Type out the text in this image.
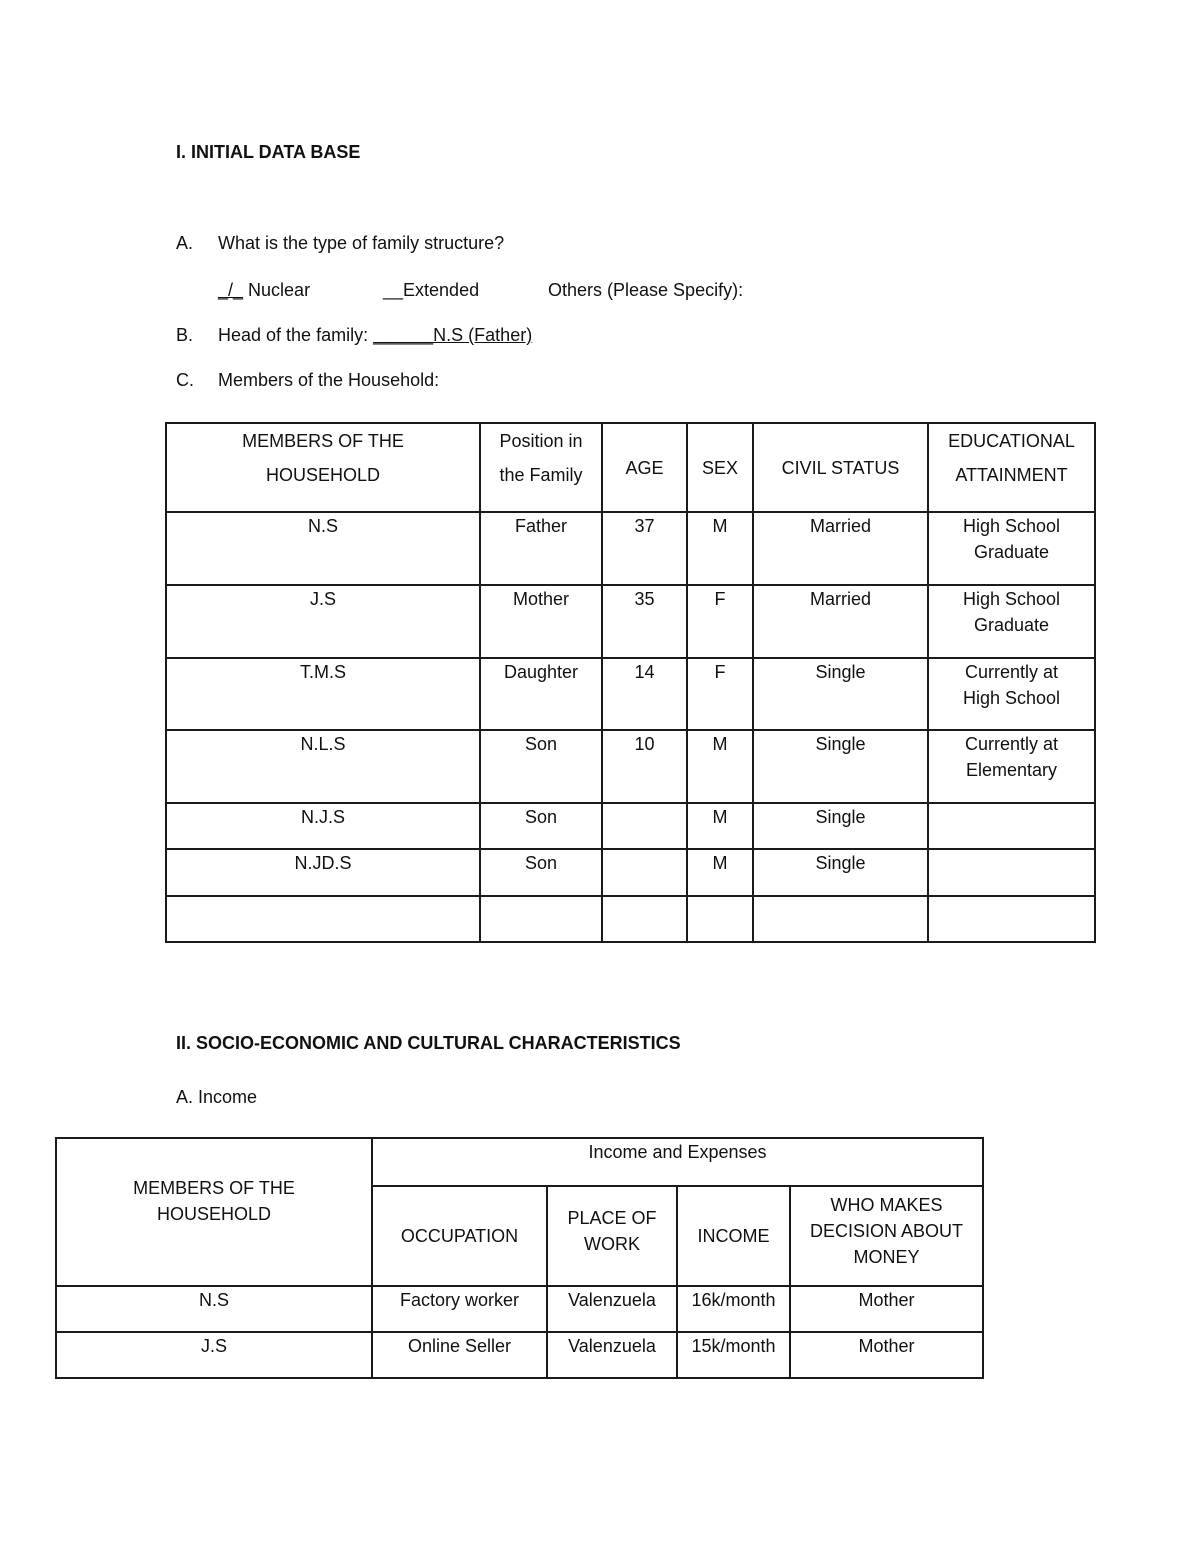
I. INITIAL DATA BASE
A. What is the type of family structure?
_/_ Nuclear	__Extended	Others (Please Specify):
B. Head of the family: ______N.S (Father)
C. Members of the Household:
MEMBERS OF THE HOUSEHOLD	Position in the Family	AGE	SEX	CIVIL STATUS	EDUCATIONAL ATTAINMENT
N.S	Father	37	M	Married	High School Graduate
J.S	Mother	35	F	Married	High School Graduate
T.M.S	Daughter	14	F	Single	Currently at High School
N.L.S	Son	10	M	Single	Currently at Elementary
N.J.S	Son		M	Single	
N.JD.S	Son		M	Single	

II. SOCIO-ECONOMIC AND CULTURAL CHARACTERISTICS
A. Income
MEMBERS OF THE HOUSEHOLD	Income and Expenses			
	OCCUPATION	PLACE OF WORK	INCOME	WHO MAKES DECISION ABOUT MONEY
N.S	Factory worker	Valenzuela	16k/month	Mother
J.S	Online Seller	Valenzuela	15k/month	Mother
